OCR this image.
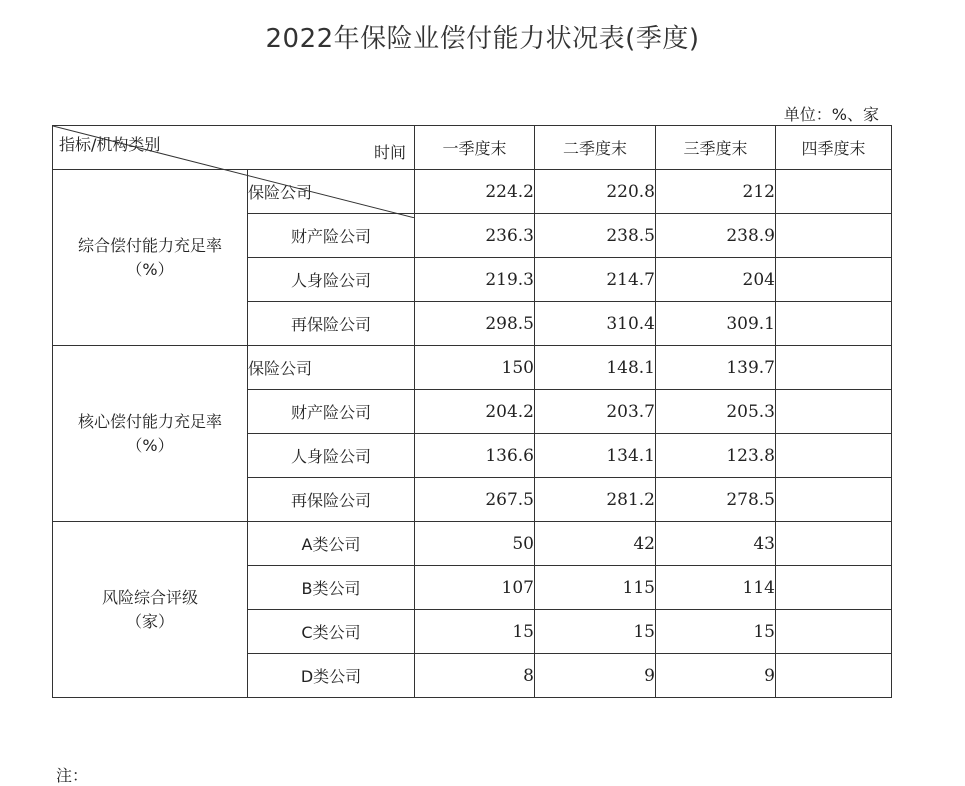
2022年保险业偿付能力状况表(季度)
单位：%、家
时间
指标/机构类别		一季度末	二季度末	三季度末	四季度末

综合偿付能力充足率
（%）	保险公司	224.2	220.8	212	
	财产险公司	236.3	238.5	238.9	
	人身险公司	219.3	214.7	204	
	再保险公司	298.5	310.4	309.1	

核心偿付能力充足率
（%）	保险公司	150	148.1	139.7	
	财产险公司	204.2	203.7	205.3	
	人身险公司	136.6	134.1	123.8	
	再保险公司	267.5	281.2	278.5	

风险综合评级
（家）	A类公司	50	42	43	
	B类公司	107	115	114	
	C类公司	15	15	15	
	D类公司	8	9	9	
注：
